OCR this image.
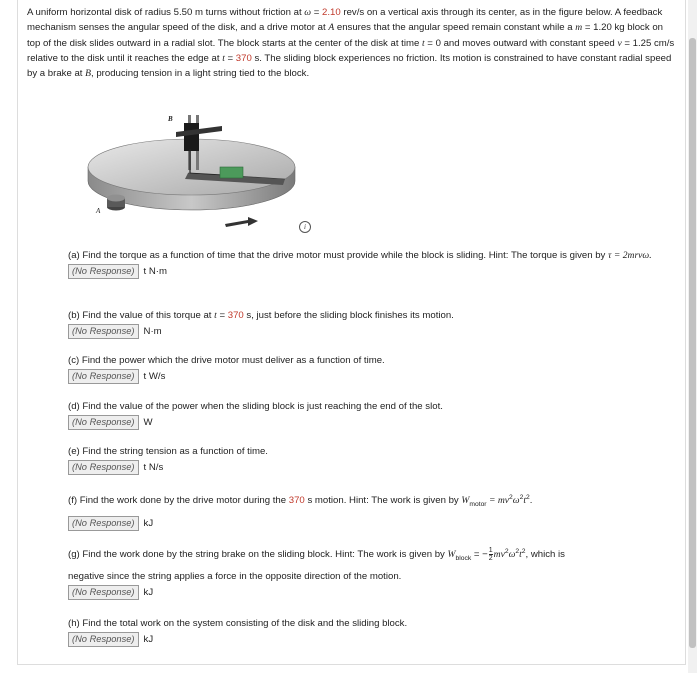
A uniform horizontal disk of radius 5.50 m turns without friction at ω = 2.10 rev/s on a vertical axis through its center, as in the figure below. A feedback mechanism senses the angular speed of the disk, and a drive motor at A ensures that the angular speed remain constant while a m = 1.20 kg block on top of the disk slides outward in a radial slot. The block starts at the center of the disk at time t = 0 and moves outward with constant speed v = 1.25 cm/s relative to the disk until it reaches the edge at t = 370 s. The sliding block experiences no friction. Its motion is constrained to have constant radial speed by a brake at B, producing tension in a light string tied to the block.

A
B
i
(a) Find the torque as a function of time that the drive motor must provide while the block is sliding. Hint: The torque is given by τ = 2mrvω.
(No Response) t N·m
(b) Find the value of this torque at t = 370 s, just before the sliding block finishes its motion.
(No Response) N·m
(c) Find the power which the drive motor must deliver as a function of time.
(No Response) t W/s
(d) Find the value of the power when the sliding block is just reaching the end of the slot.
(No Response) W
(e) Find the string tension as a function of time.
(No Response) t N/s
(f) Find the work done by the drive motor during the 370 s motion. Hint: The work is given by $W_{motor} = mv^2\omega^2t^2$.
(No Response) kJ
(g) Find the work done by the string brake on the sliding block. Hint: The work is given by $W_{block}$ = − $\frac{1}{2} mv^2\omega^2t^2$, which is
negative since the string applies a force in the opposite direction of the motion.
(No Response) kJ
(h) Find the total work on the system consisting of the disk and the sliding block.
(No Response) kJ
